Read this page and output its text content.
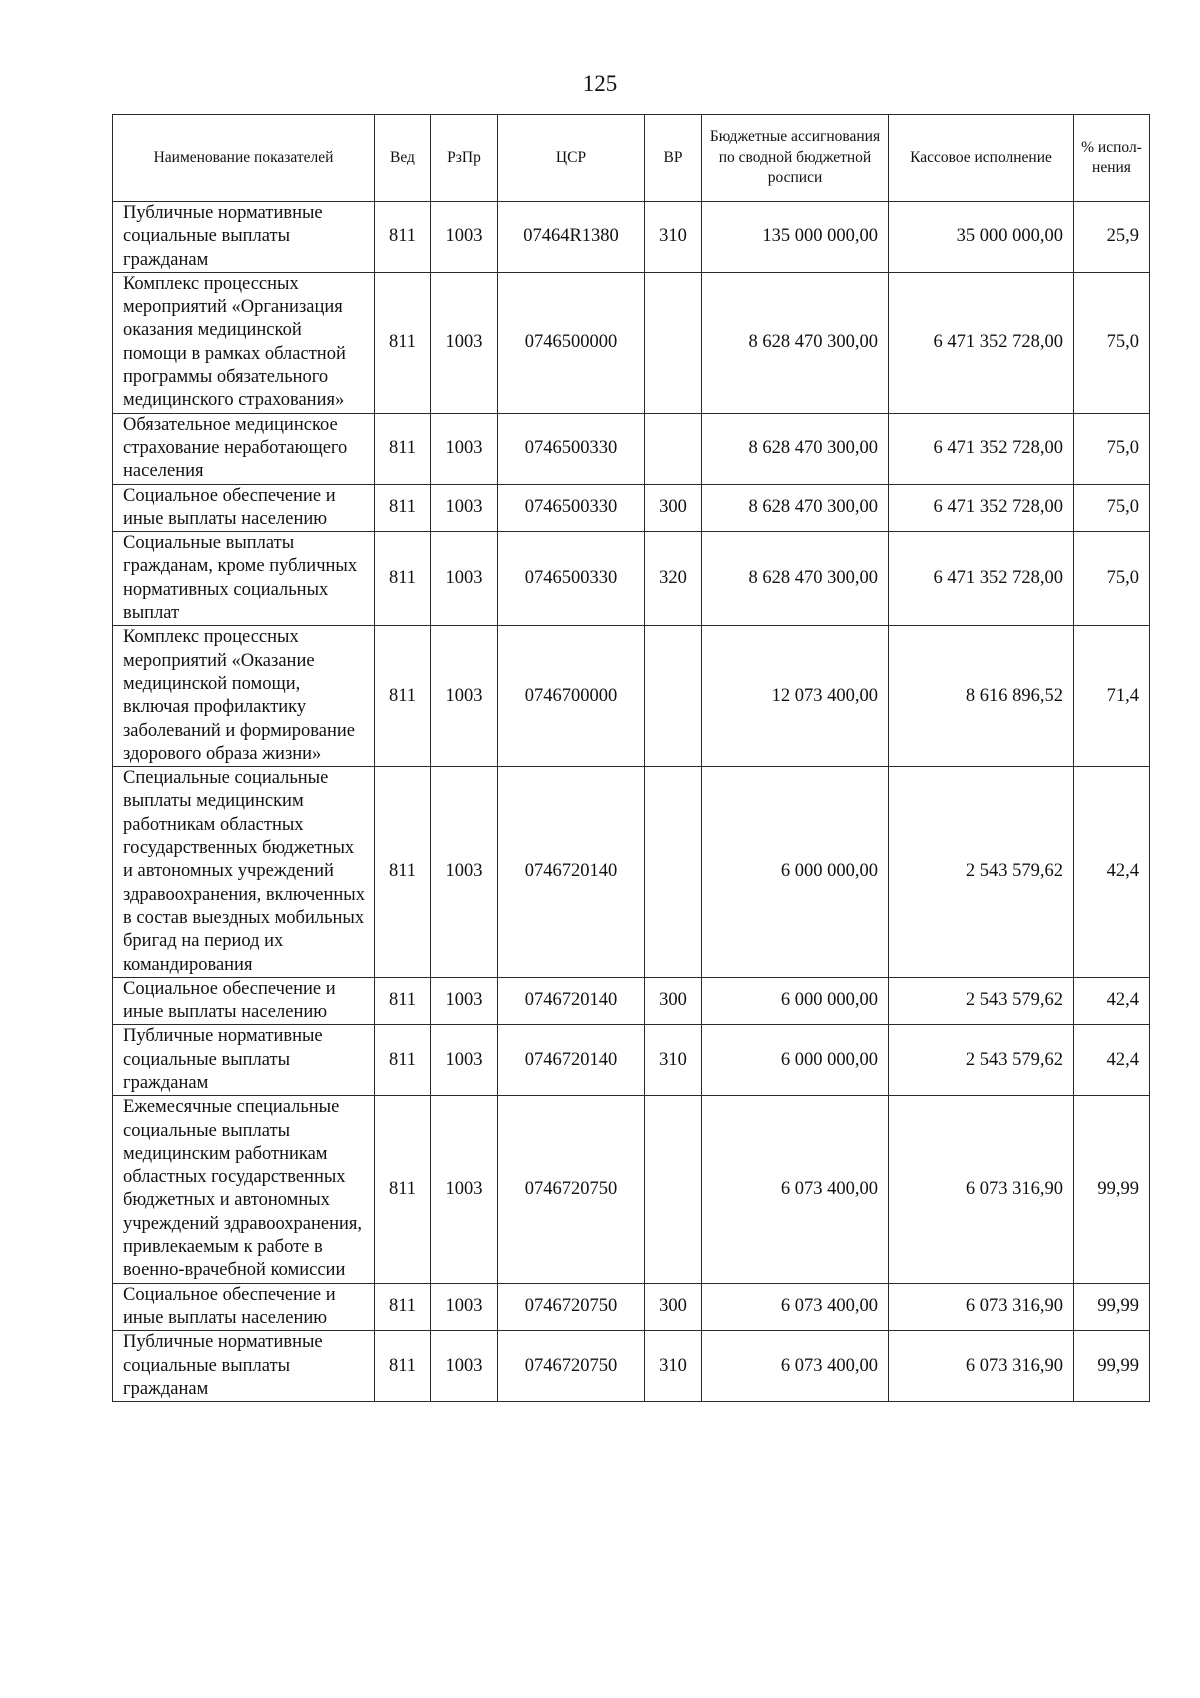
125
Наименование показателей	Вед	РзПр	ЦСР	ВР	Бюджетные ассигнования по сводной бюджетной росписи	Кассовое исполнение	% испол-нения
Публичные нормативные социальные выплаты гражданам	811	1003	07464R1380	310	135 000 000,00	35 000 000,00	25,9
Комплекс процессных мероприятий «Организация оказания медицинской помощи в рамках областной программы обязательного медицинского страхования»	811	1003	0746500000		8 628 470 300,00	6 471 352 728,00	75,0
Обязательное медицинское страхование неработающего населения	811	1003	0746500330		8 628 470 300,00	6 471 352 728,00	75,0
Социальное обеспечение и иные выплаты населению	811	1003	0746500330	300	8 628 470 300,00	6 471 352 728,00	75,0
Социальные выплаты гражданам, кроме публичных нормативных социальных выплат	811	1003	0746500330	320	8 628 470 300,00	6 471 352 728,00	75,0
Комплекс процессных мероприятий «Оказание медицинской помощи, включая профилактику заболеваний и формирование здорового образа жизни»	811	1003	0746700000		12 073 400,00	8 616 896,52	71,4
Специальные социальные выплаты медицинским работникам областных государственных бюджетных и автономных учреждений здравоохранения, включенных в состав выездных мобильных бригад на период их командирования	811	1003	0746720140		6 000 000,00	2 543 579,62	42,4
Социальное обеспечение и иные выплаты населению	811	1003	0746720140	300	6 000 000,00	2 543 579,62	42,4
Публичные нормативные социальные выплаты гражданам	811	1003	0746720140	310	6 000 000,00	2 543 579,62	42,4
Ежемесячные специальные социальные выплаты медицинским работникам областных государственных бюджетных и автономных учреждений здравоохранения, привлекаемым к работе в военно-врачебной комиссии	811	1003	0746720750		6 073 400,00	6 073 316,90	99,99
Социальное обеспечение и иные выплаты населению	811	1003	0746720750	300	6 073 400,00	6 073 316,90	99,99
Публичные нормативные социальные выплаты гражданам	811	1003	0746720750	310	6 073 400,00	6 073 316,90	99,99
